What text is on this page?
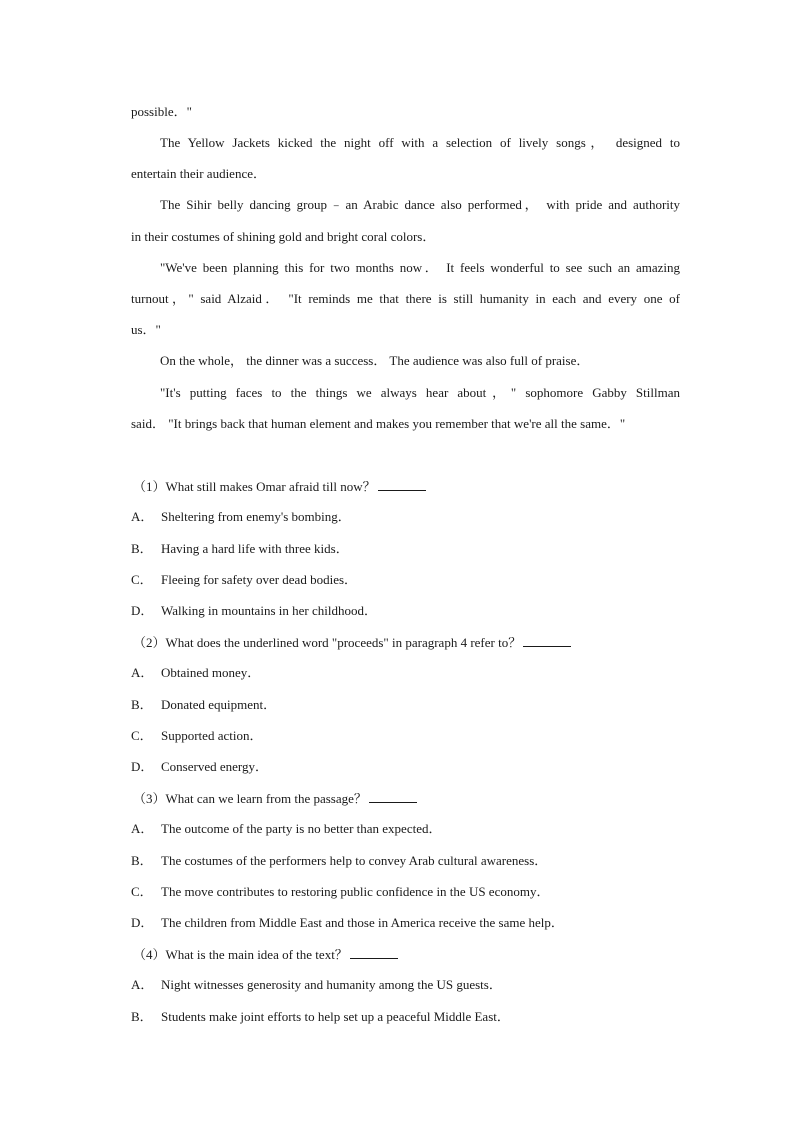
possible．"
The Yellow Jackets kicked the night off with a selection of lively songs， designed to
entertain their audience．
The Sihir belly dancing group﹣an Arabic dance also performed， with pride and authority
in their costumes of shining gold and bright coral colors．
"We've been planning this for two months now． It feels wonderful to see such an amazing
turnout，" said Alzaid． "It reminds me that there is still humanity in each and every one of
us．"
On the whole， the dinner was a success． The audience was also full of praise．
"It's putting faces to the things we always hear about，" sophomore Gabby Stillman
said． "It brings back that human element and makes you remember that we're all the same．"
（1）What still makes Omar afraid till now？
A． Sheltering from enemy's bombing．
B． Having a hard life with three kids．
C． Fleeing for safety over dead bodies．
D． Walking in mountains in her childhood．
（2）What does the underlined word "proceeds" in paragraph 4 refer to？
A． Obtained money．
B． Donated equipment．
C． Supported action．
D． Conserved energy．
（3）What can we learn from the passage？
A． The outcome of the party is no better than expected．
B． The costumes of the performers help to convey Arab cultural awareness．
C． The move contributes to restoring public confidence in the US economy．
D． The children from Middle East and those in America receive the same help．
（4）What is the main idea of the text？
A． Night witnesses generosity and humanity among the US guests．
B． Students make joint efforts to help set up a peaceful Middle East．
